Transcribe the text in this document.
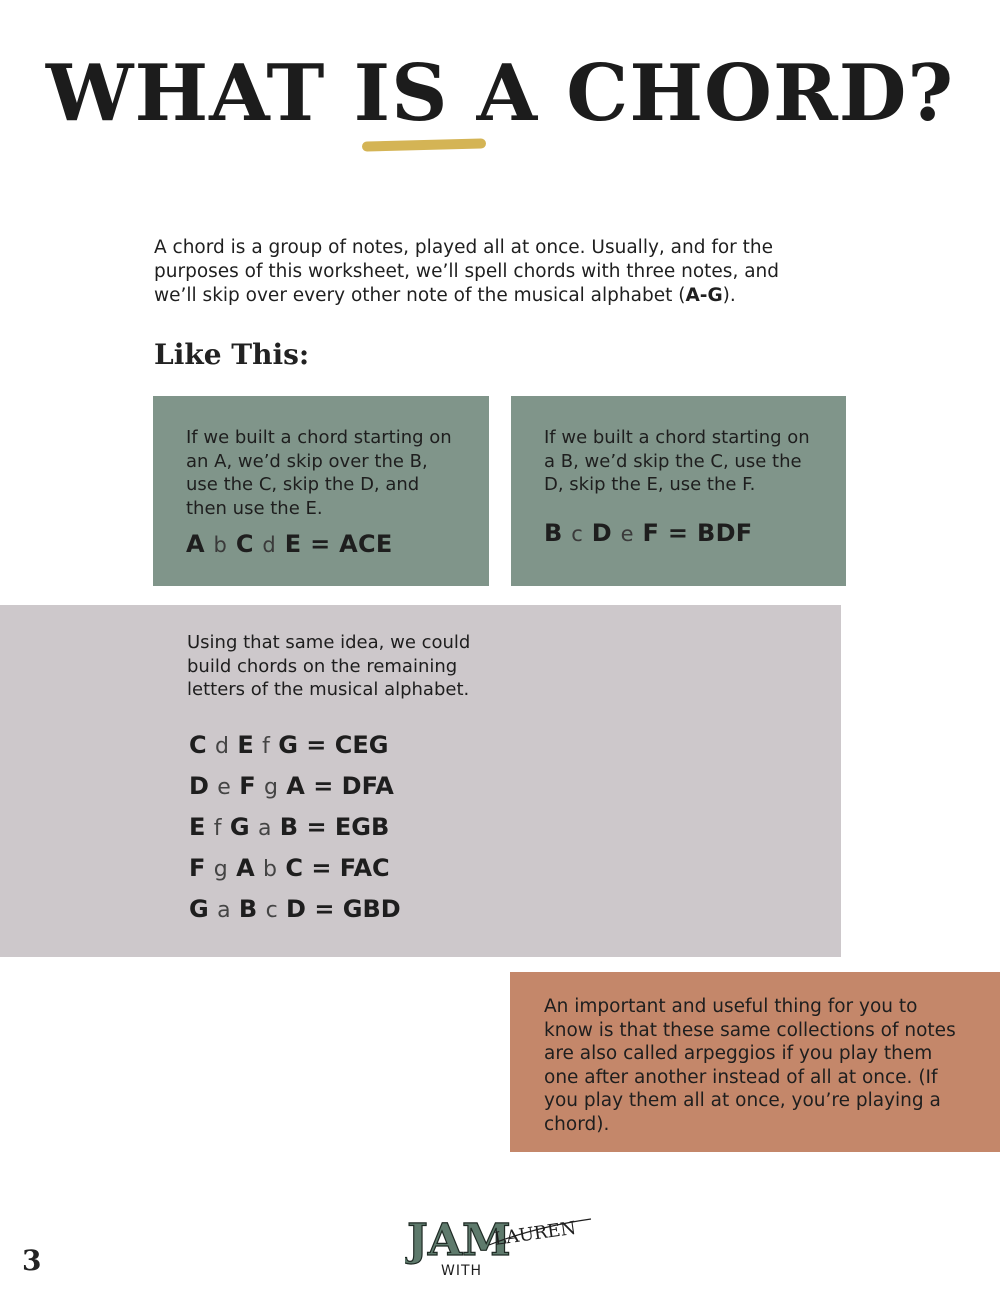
WHAT IS A CHORD?

A chord is a group of notes, played all at once. Usually, and for the purposes of this worksheet, we’ll spell chords with three notes, and we’ll skip over every other note of the musical alphabet (A-G).

Like This:
If we built a chord starting on an A, we’d skip over the B, use the C, skip the D, and then use the E.
A b C d E = ACE
If we built a chord starting on a B, we’d skip the C, use the D, skip the E, use the F.
B c D e F = BDF
Using that same idea, we could build chords on the remaining letters of the musical alphabet.
C d E f G = CEG
D e F g A = DFA
E f G a B = EGB
F g A b C = FAC
G a B c D = GBD
An important and useful thing for you to know is that these same collections of notes are also called arpeggios if you play them one after another instead of all at once. (If you play them all at once, you’re playing a chord).
3	JAM
WITH
LAUREN
